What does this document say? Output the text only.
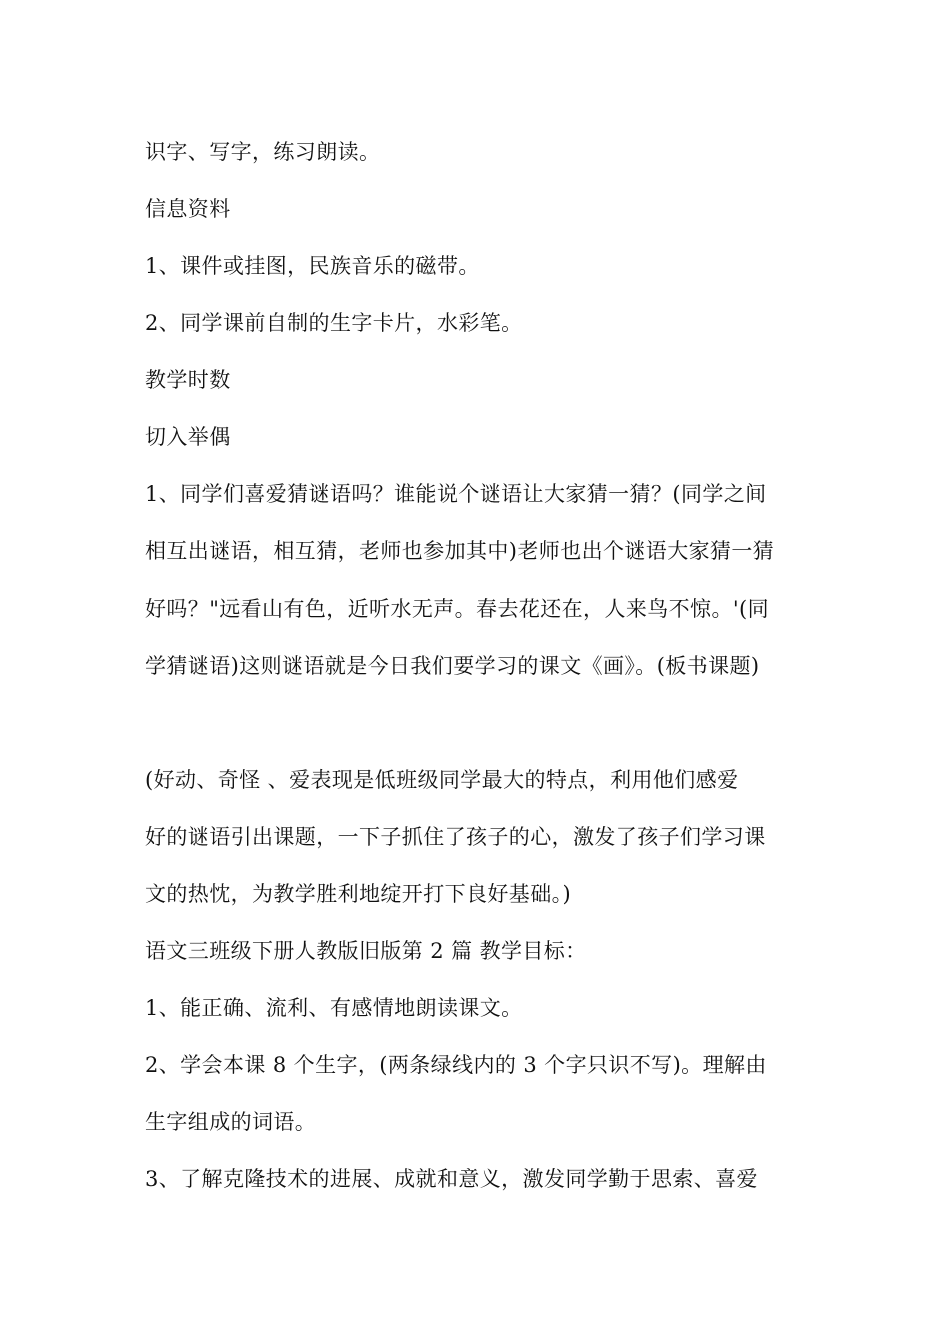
识字、写字，练习朗读。
信息资料
1、课件或挂图，民族音乐的磁带。
2、同学课前自制的生字卡片，水彩笔。
教学时数
切入举偶
1、同学们喜爱猜谜语吗？谁能说个谜语让大家猜一猜？(同学之间
相互出谜语，相互猜，老师也参加其中)老师也出个谜语大家猜一猜
好吗？"远看山有色，近听水无声。春去花还在，人来鸟不惊。'(同
学猜谜语)这则谜语就是今日我们要学习的课文《画》。(板书课题)
(好动、奇怪 、爱表现是低班级同学最大的特点，利用他们感爱
好的谜语引出课题，一下子抓住了孩子的心，激发了孩子们学习课
文的热忱，为教学胜利地绽开打下良好基础。)
语文三班级下册人教版旧版第 2 篇 教学目标：
1、能正确、流利、有感情地朗读课文。
2、学会本课 8 个生字，(两条绿线内的 3 个字只识不写)。理解由
生字组成的词语。
3、了解克隆技术的进展、成就和意义，激发同学勤于思索、喜爱
